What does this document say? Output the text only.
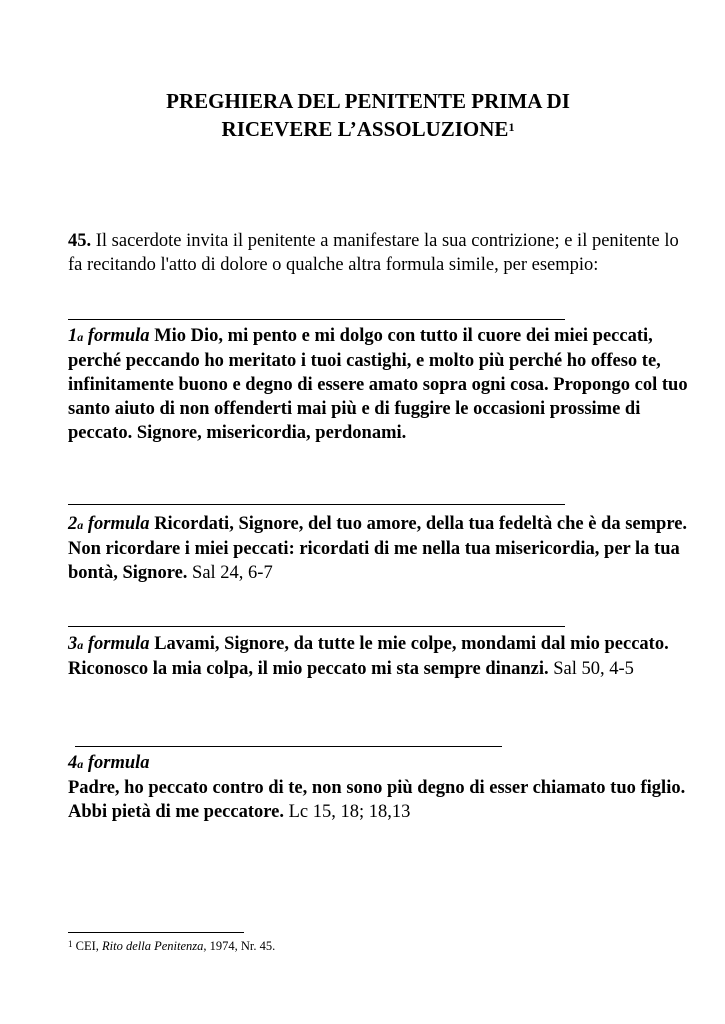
PREGHIERA DEL PENITENTE PRIMA DI
RICEVERE L’ASSOLUZIONE$^1$

45. Il sacerdote invita il penitente a manifestare la sua contrizione; e il penitente lo fa recitando l'atto di dolore o qualche altra formula simile, per esempio:

1a formula Mio Dio, mi pento e mi dolgo con tutto il cuore dei miei peccati, perché peccando ho meritato i tuoi castighi, e molto più perché ho offeso te, infinitamente buono e degno di essere amato sopra ogni cosa. Propongo col tuo santo aiuto di non offenderti mai più e di fuggire le occasioni prossime di peccato. Signore, misericordia, perdonami.

2a formula Ricordati, Signore, del tuo amore, della tua fedeltà che è da sempre. Non ricordare i miei peccati: ricordati di me nella tua misericordia, per la tua bontà, Signore. Sal 24, 6-7

3a formula Lavami, Signore, da tutte le mie colpe, mondami dal mio peccato. Riconosco la mia colpa, il mio peccato mi sta sempre dinanzi. Sal 50, 4-5

4a formula
Padre, ho peccato contro di te, non sono più degno di esser chiamato tuo figlio. Abbi pietà di me peccatore. Lc 15, 18; 18,13

$^1$ CEI, Rito della Penitenza, 1974, Nr. 45.
